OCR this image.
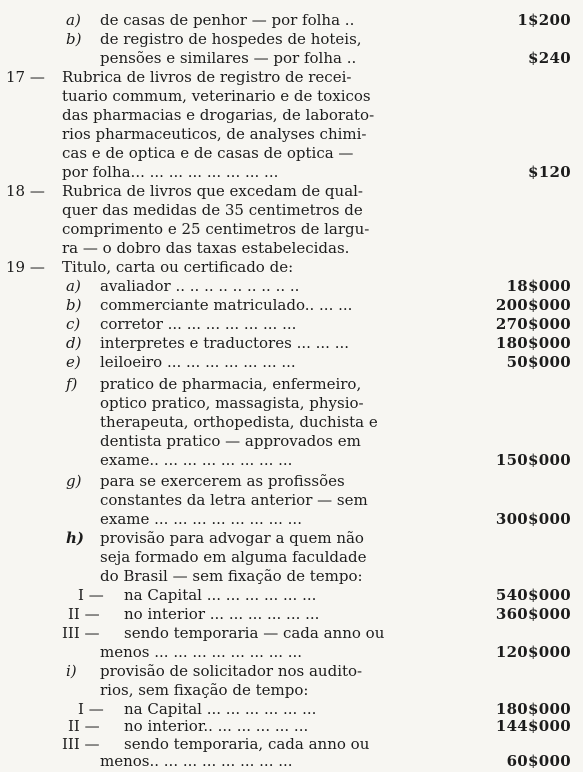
a) de casas de penhor — por folha ..	1$200
b) de registro de hospedes de hoteis,
pensões e similares — por folha ..	$240
17 — Rubrica de livros de registro de recei-
tuario commum, veterinario e de toxicos
das pharmacias e drogarias, de laborato-
rios pharmaceuticos, de analyses chimi-
cas e de optica e de casas de optica —
por folha... ... ... ... ... ... ... ...	$120
18 — Rubrica de livros que excedam de qual-
quer das medidas de 35 centimetros de
comprimento e 25 centimetros de largu-
ra — o dobro das taxas estabelecidas.
19 — Titulo, carta ou certificado de:
a) avaliador .. .. .. .. .. .. .. .. ..	18$000
b) commerciante matriculado.. ... ...	200$000
c) corretor ... ... ... ... ... ... ...	270$000
d) interpretes e traductores ... ... ...	180$000
e) leiloeiro ... ... ... ... ... ... ...	50$000
f) pratico de pharmacia, enfermeiro,
optico pratico, massagista, physio-
therapeuta, orthopedista, duchista e
dentista pratico — approvados em
exame.. ... ... ... ... ... ... ...	150$000
g) para se exercerem as profissões
constantes da letra anterior — sem
exame ... ... ... ... ... ... ... ...	300$000
h) provisão para advogar a quem não
seja formado em alguma faculdade
do Brasil — sem fixação de tempo:
I — na Capital ... ... ... ... ... ...	540$000
II — no interior ... ... ... ... ... ...	360$000
III — sendo temporaria — cada anno ou
menos ... ... ... ... ... ... ... ...	120$000
i) provisão de solicitador nos audito-
rios, sem fixação de tempo:
I — na Capital ... ... ... ... ... ...	180$000
II — no interior.. ... ... ... ... ...	144$000
III — sendo temporaria, cada anno ou
menos.. ... ... ... ... ... ... ...	60$000
